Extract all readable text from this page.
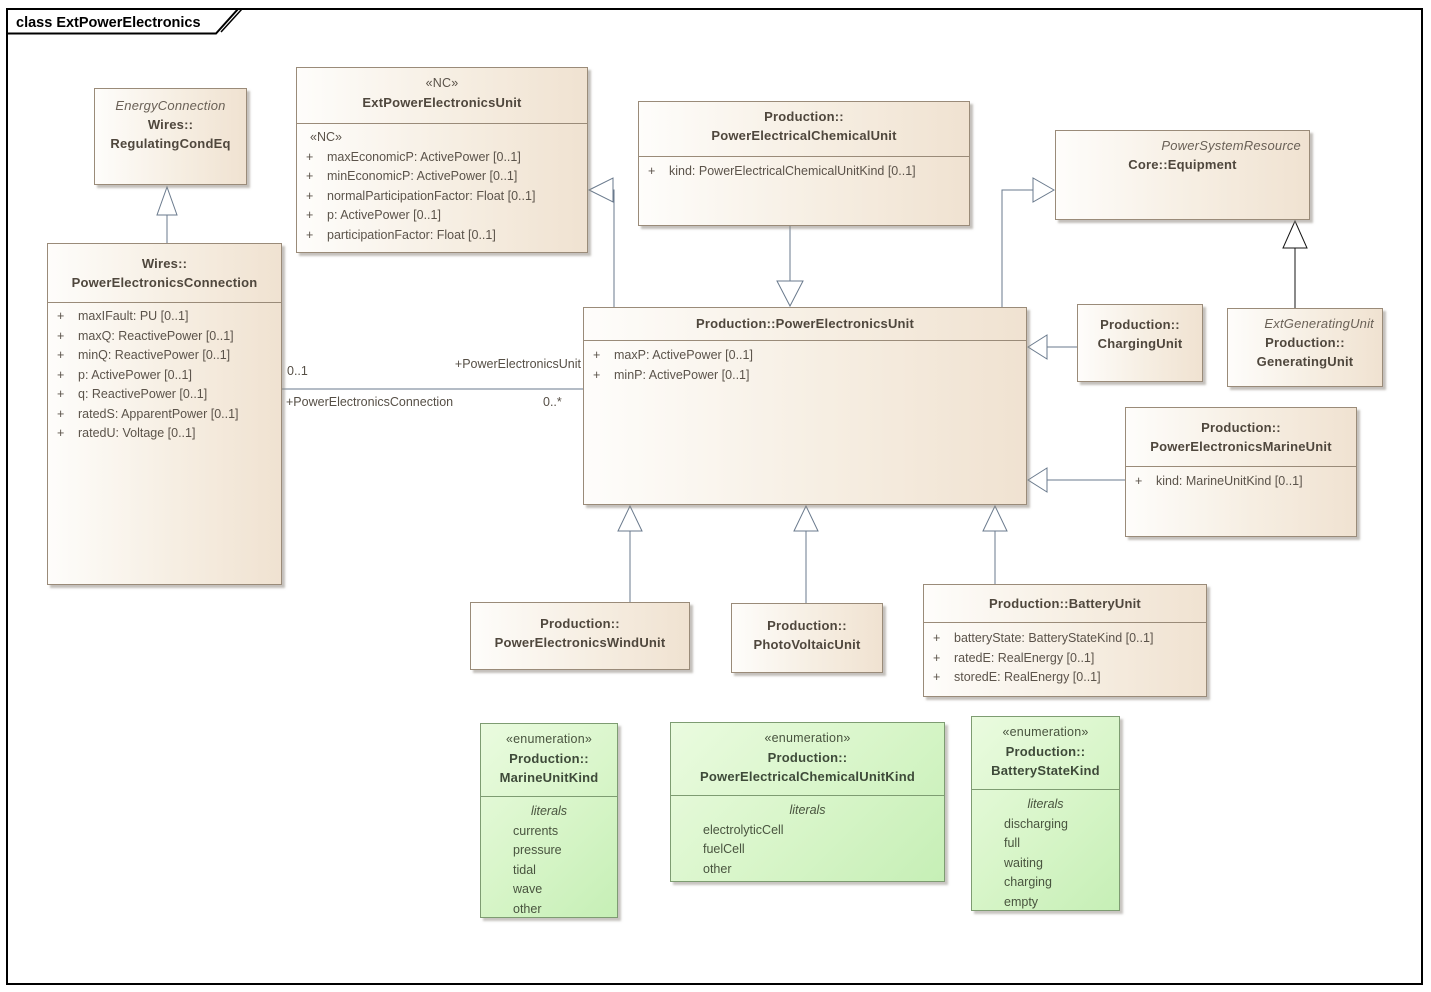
0..1	+PowerElectronicsUnit
+PowerElectronicsConnection	0..*
EnergyConnection
Wires::
RegulatingCondEq
«NC»
ExtPowerElectronicsUnit
«NC»
+	maxEconomicP: ActivePower [0..1]
+	minEconomicP: ActivePower [0..1]
+	normalParticipationFactor: Float [0..1]
+	p: ActivePower [0..1]
+	participationFactor: Float [0..1]
Production::
PowerElectricalChemicalUnit
+	kind: PowerElectricalChemicalUnitKind [0..1]
PowerSystemResource
Core::Equipment
Wires::
PowerElectronicsConnection
+	maxIFault: PU [0..1]
+	maxQ: ReactivePower [0..1]
+	minQ: ReactivePower [0..1]
+	p: ActivePower [0..1]
+	q: ReactivePower [0..1]
+	ratedS: ApparentPower [0..1]
+	ratedU: Voltage [0..1]
Production::PowerElectronicsUnit
+	maxP: ActivePower [0..1]
+	minP: ActivePower [0..1]
Production::
ChargingUnit
ExtGeneratingUnit
Production::
GeneratingUnit
Production::
PowerElectronicsMarineUnit
+	kind: MarineUnitKind [0..1]
Production::
PowerElectronicsWindUnit
Production::
PhotoVoltaicUnit
Production::BatteryUnit
+	batteryState: BatteryStateKind [0..1]
+	ratedE: RealEnergy [0..1]
+	storedE: RealEnergy [0..1]
«enumeration»
Production::
MarineUnitKind
literals
currents
pressure
tidal
wave
other
«enumeration»
Production::
PowerElectricalChemicalUnitKind
literals
electrolyticCell
fuelCell
other
«enumeration»
Production::
BatteryStateKind
literals
discharging
full
waiting
charging
empty
class ExtPowerElectronics
